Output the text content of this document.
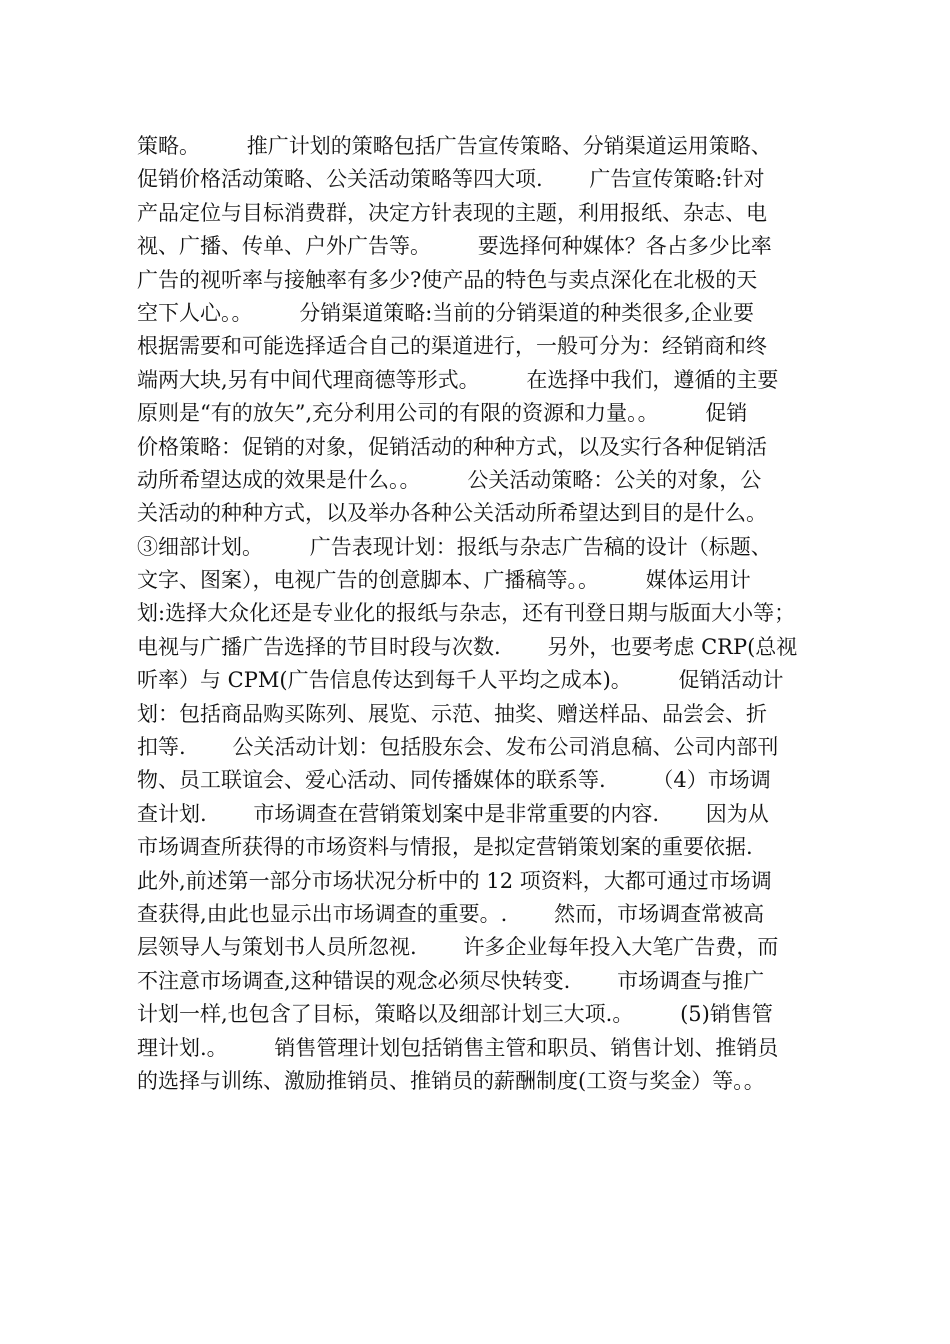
策略。       推广计划的策略包括广告宣传策略、分销渠道运用策略、
促销价格活动策略、公关活动策略等四大项.       广告宣传策略:针对
产品定位与目标消费群，决定方针表现的主题，利用报纸、杂志、电
视、广播、传单、户外广告等。       要选择何种媒体？各占多少比率
广告的视听率与接触率有多少?使产品的特色与卖点深化在北极的天
空下人心。。       分销渠道策略:当前的分销渠道的种类很多,企业要
根据需要和可能选择适合自己的渠道进行，一般可分为：经销商和终
端两大块,另有中间代理商德等形式。       在选择中我们，遵循的主要
原则是“有的放矢”,充分利用公司的有限的资源和力量。。       促销
价格策略：促销的对象，促销活动的种种方式，以及实行各种促销活
动所希望达成的效果是什么。。       公关活动策略：公关的对象，公
关活动的种种方式，以及举办各种公关活动所希望达到目的是什么。
③细部计划。       广告表现计划：报纸与杂志广告稿的设计（标题、
文字、图案），电视广告的创意脚本、广播稿等。。       媒体运用计
划:选择大众化还是专业化的报纸与杂志，还有刊登日期与版面大小等；
电视与广播广告选择的节目时段与次数.       另外，也要考虑 CRP(总视
听率）与 CPM(广告信息传达到每千人平均之成本)。       促销活动计
划：包括商品购买陈列、展览、示范、抽奖、赠送样品、品尝会、折
扣等.       公关活动计划：包括股东会、发布公司消息稿、公司内部刊
物、员工联谊会、爱心活动、同传播媒体的联系等.       （4）市场调
查计划.       市场调查在营销策划案中是非常重要的内容.       因为从
市场调查所获得的市场资料与情报，是拟定营销策划案的重要依据.
此外,前述第一部分市场状况分析中的 12 项资料，大都可通过市场调
查获得,由此也显示出市场调查的重要。.       然而，市场调查常被高
层领导人与策划书人员所忽视.       许多企业每年投入大笔广告费，而
不注意市场调查,这种错误的观念必须尽快转变.       市场调查与推广
计划一样,也包含了目标，策略以及细部计划三大项.。       (5)销售管
理计划.。       销售管理计划包括销售主管和职员、销售计划、推销员
的选择与训练、激励推销员、推销员的薪酬制度(工资与奖金）等。。
